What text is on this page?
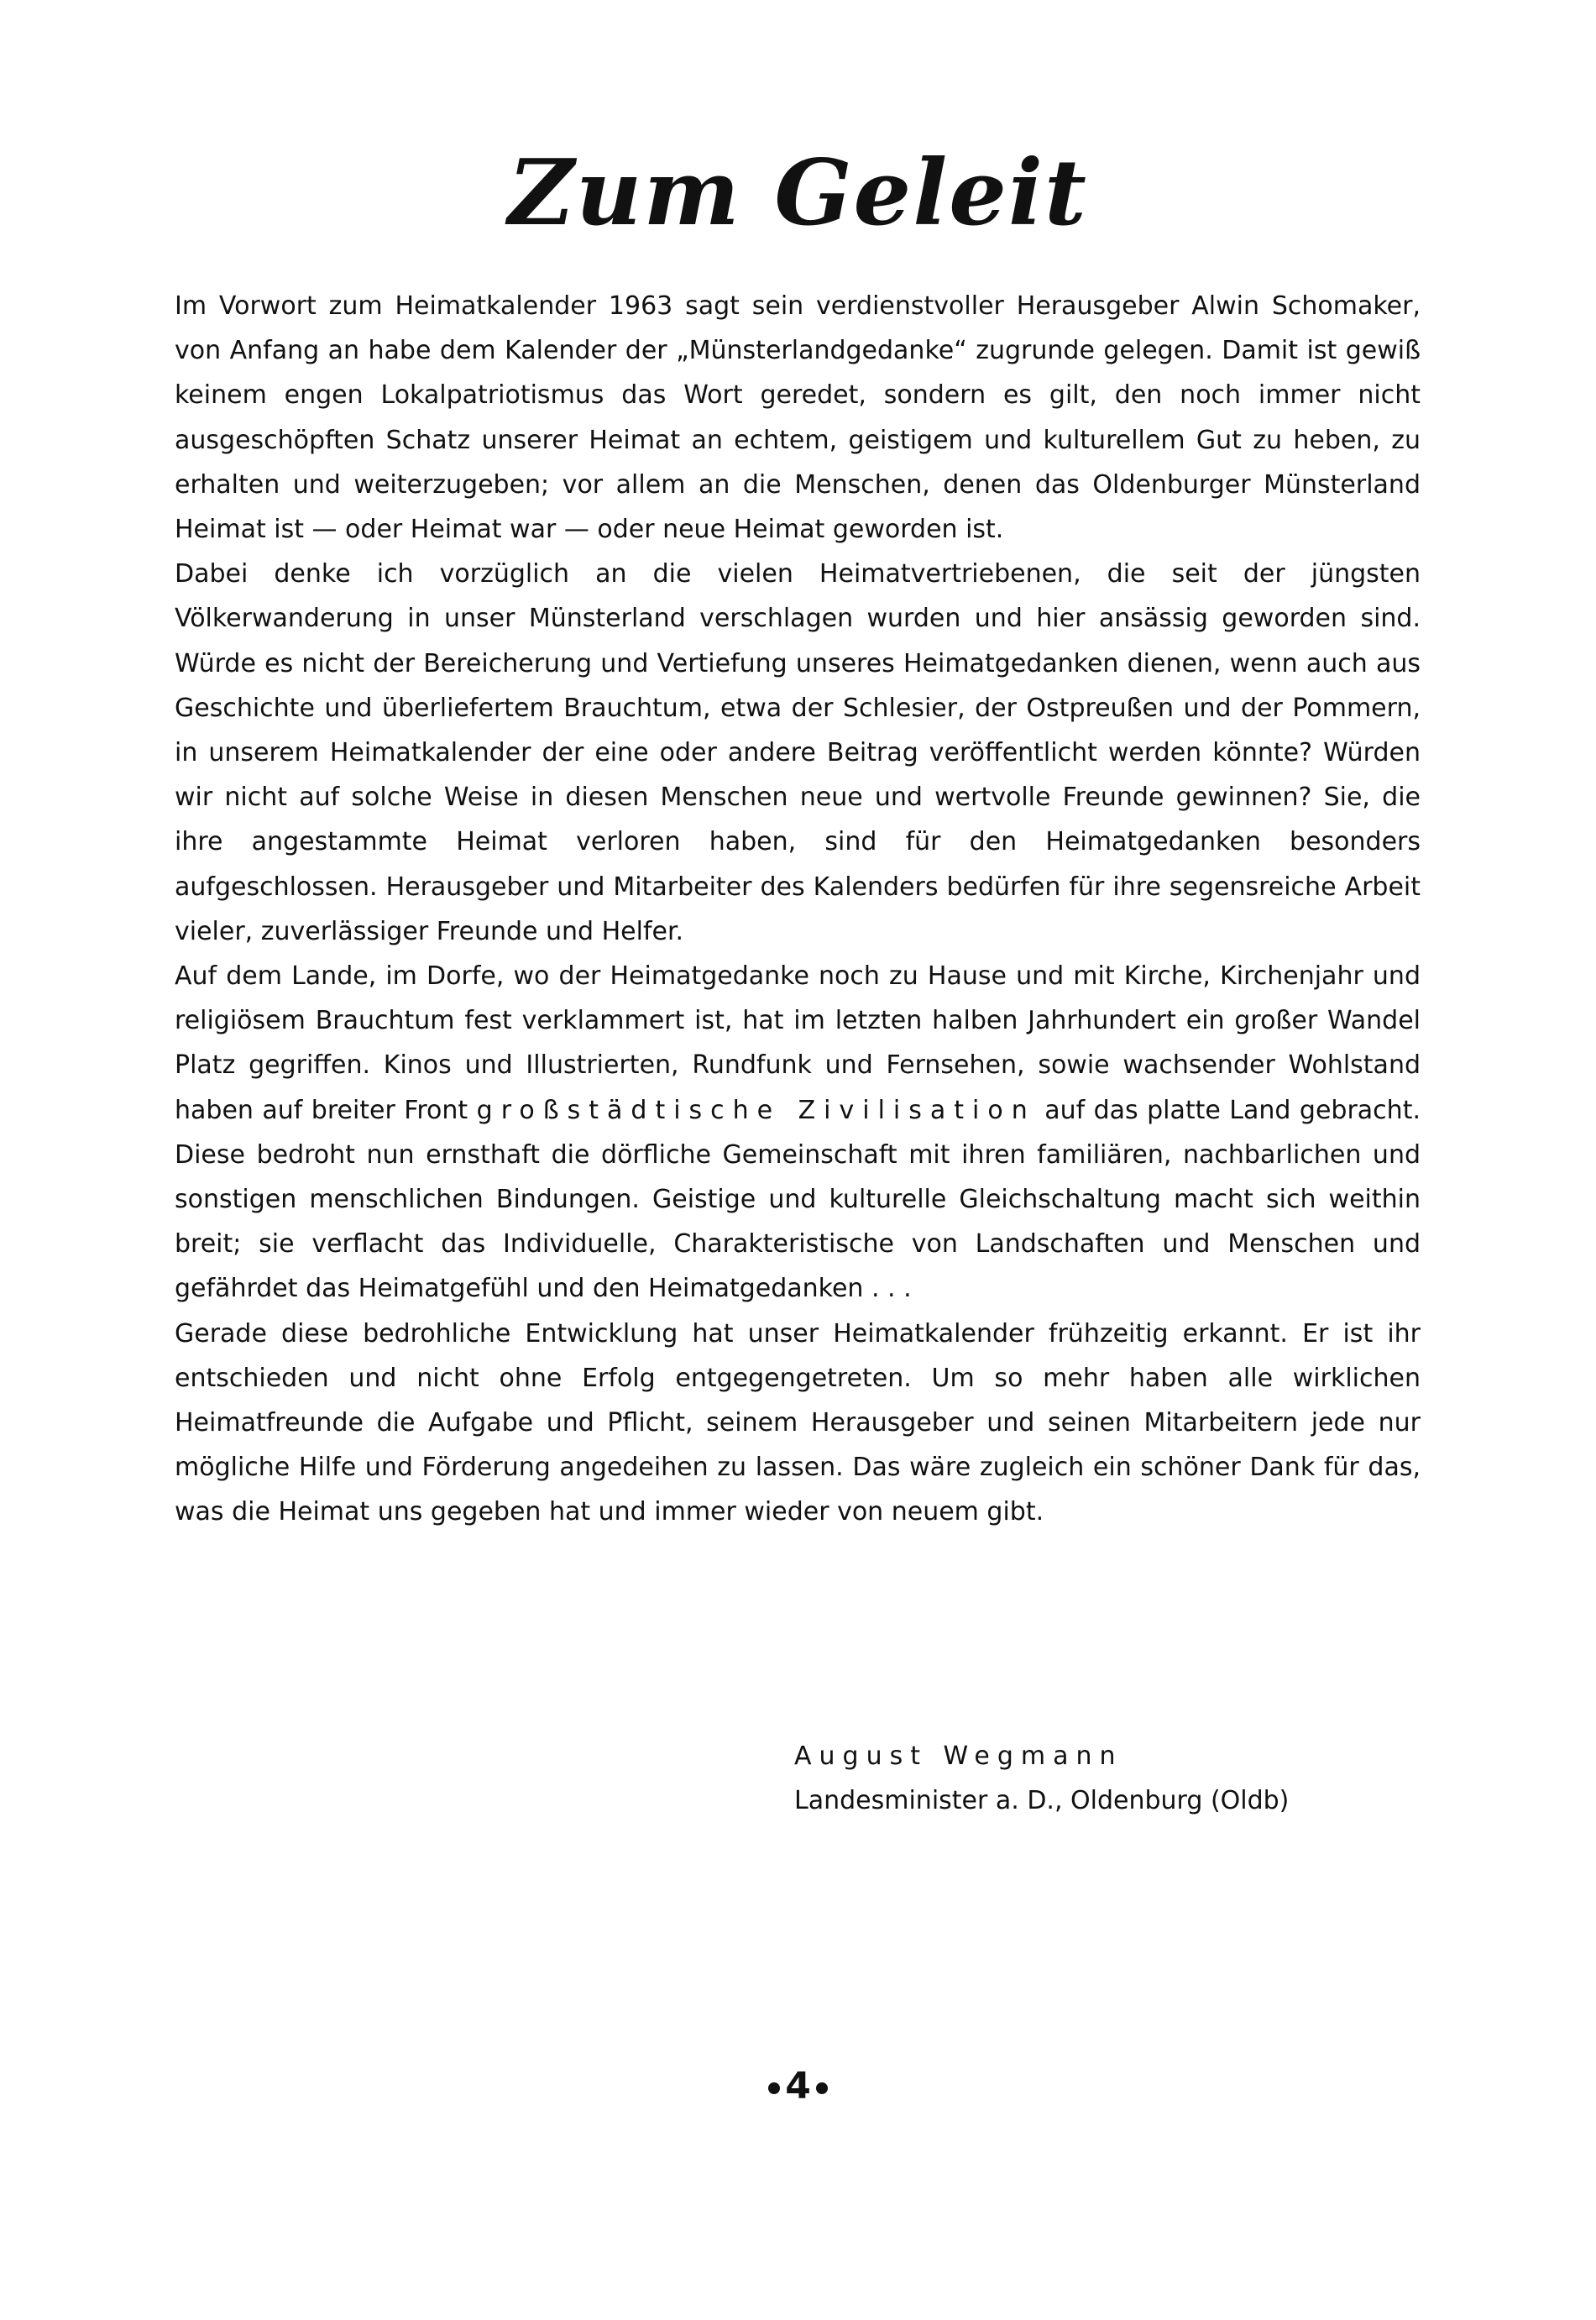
Zum Geleit

Im Vorwort zum Heimatkalender 1963 sagt sein verdienstvoller Herausgeber Alwin Schomaker, von Anfang an habe dem Kalender der „Münsterlandgedanke“ zugrunde gelegen. Damit ist gewiß keinem engen Lokalpatriotismus das Wort geredet, sondern es gilt, den noch immer nicht ausgeschöpften Schatz unserer Heimat an echtem, geistigem und kulturellem Gut zu heben, zu erhalten und weiterzugeben; vor allem an die Menschen, denen das Oldenburger Münsterland Heimat ist — oder Heimat war — oder neue Heimat geworden ist.

Dabei denke ich vorzüglich an die vielen Heimatvertriebenen, die seit der jüngsten Völkerwanderung in unser Münsterland verschlagen wurden und hier ansässig geworden sind. Würde es nicht der Bereicherung und Vertiefung unseres Heimatgedanken dienen, wenn auch aus Geschichte und überliefertem Brauchtum, etwa der Schlesier, der Ostpreußen und der Pommern, in unserem Heimatkalender der eine oder andere Beitrag veröffentlicht werden könnte? Würden wir nicht auf solche Weise in diesen Menschen neue und wertvolle Freunde gewinnen? Sie, die ihre angestammte Heimat verloren haben, sind für den Heimatgedanken besonders aufgeschlossen. Herausgeber und Mitarbeiter des Kalenders bedürfen für ihre segensreiche Arbeit vieler, zuverlässiger Freunde und Helfer.

Auf dem Lande, im Dorfe, wo der Heimatgedanke noch zu Hause und mit Kirche, Kirchenjahr und religiösem Brauchtum fest verklammert ist, hat im letzten halben Jahrhundert ein großer Wandel Platz gegriffen. Kinos und Illustrierten, Rundfunk und Fernsehen, sowie wachsender Wohlstand haben auf breiter Front großstädtische Zivilisation auf das platte Land gebracht. Diese bedroht nun ernsthaft die dörfliche Gemeinschaft mit ihren familiären, nachbarlichen und sonstigen menschlichen Bindungen. Geistige und kulturelle Gleichschaltung macht sich weithin breit; sie verflacht das Individuelle, Charakteristische von Landschaften und Menschen und gefährdet das Heimatgefühl und den Heimatgedanken . . .

Gerade diese bedrohliche Entwicklung hat unser Heimatkalender frühzeitig erkannt. Er ist ihr entschieden und nicht ohne Erfolg entgegengetreten. Um so mehr haben alle wirklichen Heimatfreunde die Aufgabe und Pflicht, seinem Herausgeber und seinen Mitarbeitern jede nur mögliche Hilfe und Förderung angedeihen zu lassen. Das wäre zugleich ein schöner Dank für das, was die Heimat uns gegeben hat und immer wieder von neuem gibt.

August Wegmann
Landesminister a. D., Oldenburg (Oldb)
4
